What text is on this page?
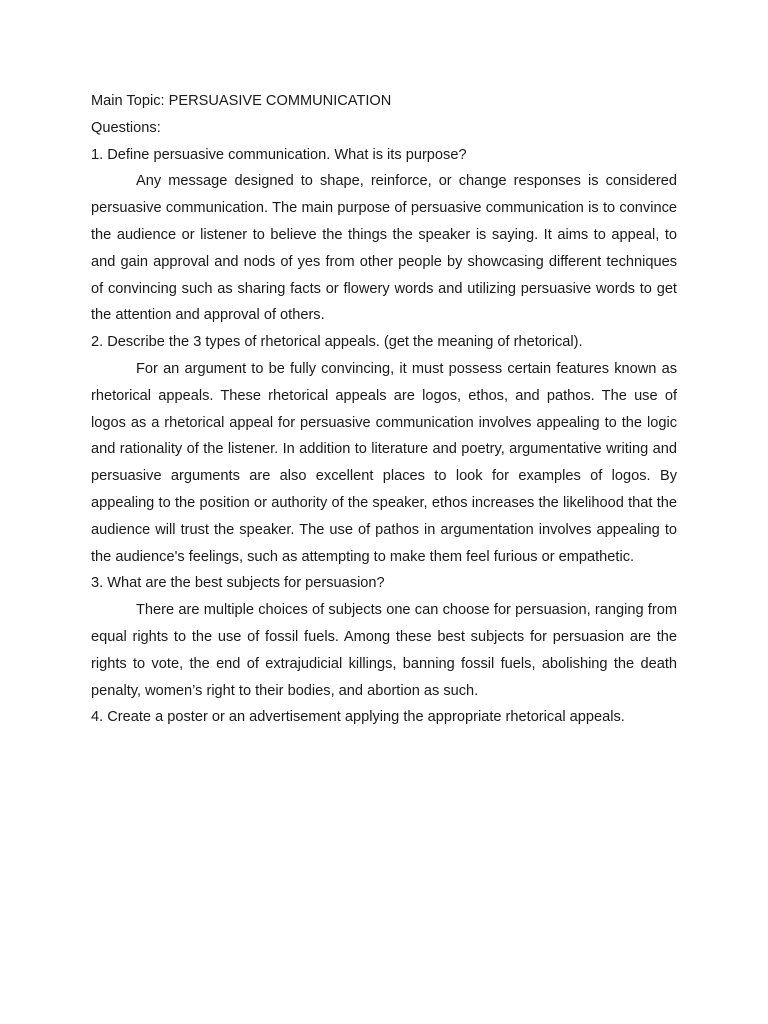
Main Topic: PERSUASIVE COMMUNICATION

Questions:

1. Define persuasive communication. What is its purpose?

Any message designed to shape, reinforce, or change responses is considered persuasive communication. The main purpose of persuasive communication is to convince the audience or listener to believe the things the speaker is saying. It aims to appeal, to and gain approval and nods of yes from other people by showcasing different techniques of convincing such as sharing facts or flowery words and utilizing persuasive words to get the attention and approval of others.

2. Describe the 3 types of rhetorical appeals. (get the meaning of rhetorical).

For an argument to be fully convincing, it must possess certain features known as rhetorical appeals. These rhetorical appeals are logos, ethos, and pathos. The use of logos as a rhetorical appeal for persuasive communication involves appealing to the logic and rationality of the listener. In addition to literature and poetry, argumentative writing and persuasive arguments are also excellent places to look for examples of logos. By appealing to the position or authority of the speaker, ethos increases the likelihood that the audience will trust the speaker. The use of pathos in argumentation involves appealing to the audience's feelings, such as attempting to make them feel furious or empathetic.

3. What are the best subjects for persuasion?

There are multiple choices of subjects one can choose for persuasion, ranging from equal rights to the use of fossil fuels. Among these best subjects for persuasion are the rights to vote, the end of extrajudicial killings, banning fossil fuels, abolishing the death penalty, women’s right to their bodies, and abortion as such.

4. Create a poster or an advertisement applying the appropriate rhetorical appeals.
